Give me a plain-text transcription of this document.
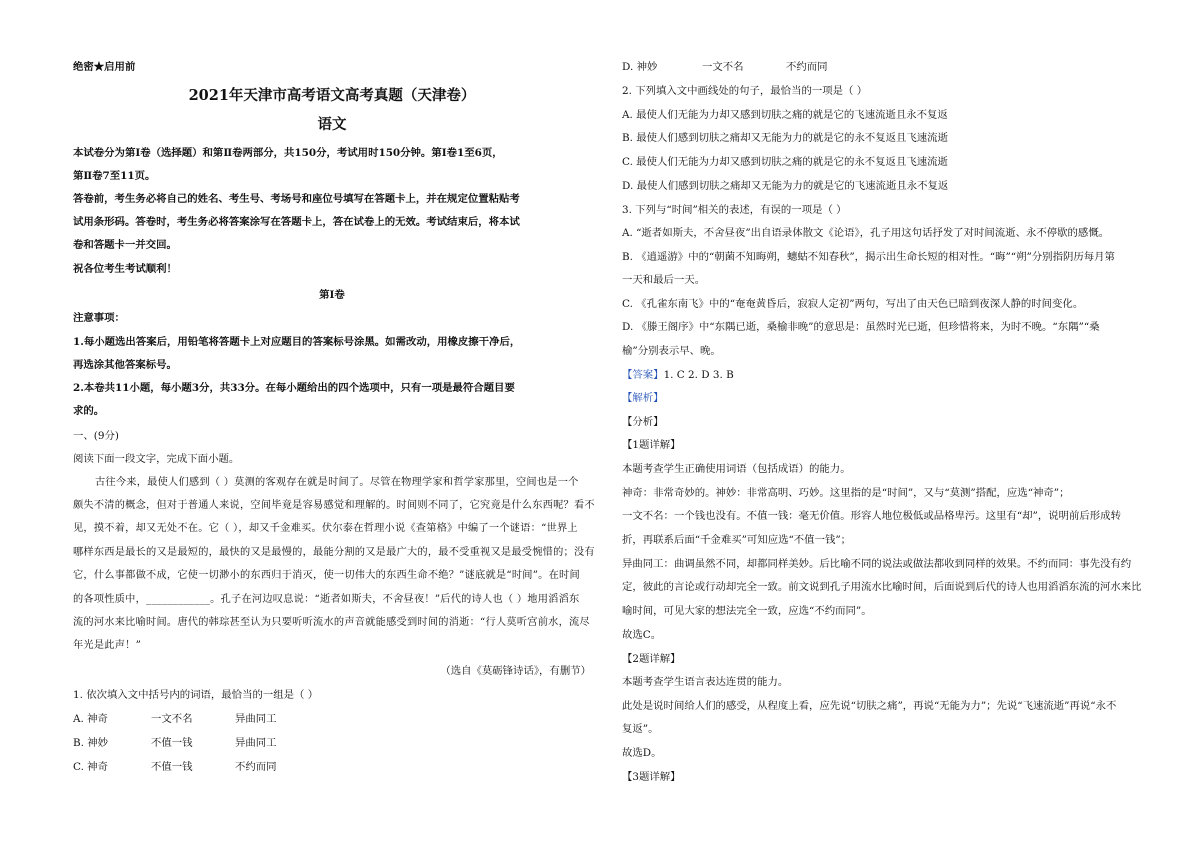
绝密★启用前
2021年天津市高考语文高考真题（天津卷）
语文
本试卷分为第Ⅰ卷（选择题）和第Ⅱ卷两部分，共150分，考试用时150分钟。第Ⅰ卷1至6页，
第Ⅱ卷7至11页。
答卷前，考生务必将自己的姓名、考生号、考场号和座位号填写在答题卡上，并在规定位置粘贴考
试用条形码。答卷时，考生务必将答案涂写在答题卡上，答在试卷上的无效。考试结束后，将本试
卷和答题卡一并交回。
祝各位考生考试顺利！
第Ⅰ卷
注意事项：
1.每小题选出答案后，用铅笔将答题卡上对应题目的答案标号涂黑。如需改动，用橡皮擦干净后，
再选涂其他答案标号。
2.本卷共11小题，每小题3分，共33分。在每小题给出的四个选项中，只有一项是最符合题目要
求的。
一、(9分)
阅读下面一段文字，完成下面小题。
古往今来，最使人们感到（ ）莫测的客观存在就是时间了。尽管在物理学家和哲学家那里，空间也是一个
颇失不清的概念，但对于普通人来说，空间毕竟是容易感觉和理解的。时间则不同了，它究竟是什么东西呢？看不
见，摸不着，却又无处不在。它（ ），却又千金难买。伏尔泰在哲理小说《查第格》中编了一个谜语：“世界上
哪样东西是最长的又是最短的，最快的又是最慢的，最能分割的又是最广大的，最不受重视又是最受惋惜的；没有
它，什么事都做不成，它使一切渺小的东西归于消灭，使一切伟大的东西生命不绝？”谜底就是“时间”。在时间
的各项性质中，____________。孔子在河边叹息说：“逝者如斯夫，不舍昼夜！”后代的诗人也（ ）地用滔滔东
流的河水来比喻时间。唐代的韩琮甚至认为只要听听流水的声音就能感受到时间的消逝：“行人莫听宫前水，流尽
年光是此声！”
（选自《莫砺锋诗话》，有删节）
1. 依次填入文中括号内的词语，最恰当的一组是（ ）
A. 神奇	一文不名	异曲同工
B. 神妙	不值一钱	异曲同工
C. 神奇	不值一钱	不约而同
D. 神妙	一文不名	不约而同
2. 下列填入文中画线处的句子，最恰当的一项是（ ）
A. 最使人们无能为力却又感到切肤之痛的就是它的飞速流逝且永不复返
B. 最使人们感到切肤之痛却又无能为力的就是它的永不复返且飞速流逝
C. 最使人们无能为力却又感到切肤之痛的就是它的永不复返且飞速流逝
D. 最使人们感到切肤之痛却又无能为力的就是它的飞速流逝且永不复返
3. 下列与“时间”相关的表述，有误的一项是（ ）
A. “逝者如斯夫，不舍昼夜”出自语录体散文《论语》，孔子用这句话抒发了对时间流逝、永不停歇的感慨。
B. 《逍遥游》中的“朝菌不知晦朔，蟪蛄不知春秋”，揭示出生命长短的相对性。“晦”“朔”分别指阴历每月第
一天和最后一天。
C. 《孔雀东南飞》中的“奄奄黄昏后，寂寂人定初”两句，写出了由天色已暗到夜深人静的时间变化。
D. 《滕王阁序》中“东隅已逝，桑榆非晚”的意思是：虽然时光已逝，但珍惜将来，为时不晚。“东隅”“桑
榆”分别表示早、晚。
【答案】1. C 2. D 3. B
【解析】
【分析】
【1题详解】
本题考查学生正确使用词语（包括成语）的能力。
神奇：非常奇妙的。神妙：非常高明、巧妙。这里指的是“时间”，又与“莫测”搭配，应选“神奇”；
一文不名：一个钱也没有。不值一钱：毫无价值。形容人地位极低或品格卑污。这里有“却”，说明前后形成转
折，再联系后面“千金难买”可知应选“不值一钱”；
异曲同工：曲调虽然不同，却都同样美妙。后比喻不同的说法或做法都收到同样的效果。不约而同：事先没有约
定，彼此的言论或行动却完全一致。前文说到孔子用流水比喻时间，后面说到后代的诗人也用滔滔东流的河水来比
喻时间，可见大家的想法完全一致，应选“不约而同”。
故选C。
【2题详解】
本题考查学生语言表达连贯的能力。
此处是说时间给人们的感受，从程度上看，应先说“切肤之痛”，再说“无能为力”；先说“飞速流逝”再说“永不
复返”。
故选D。
【3题详解】
